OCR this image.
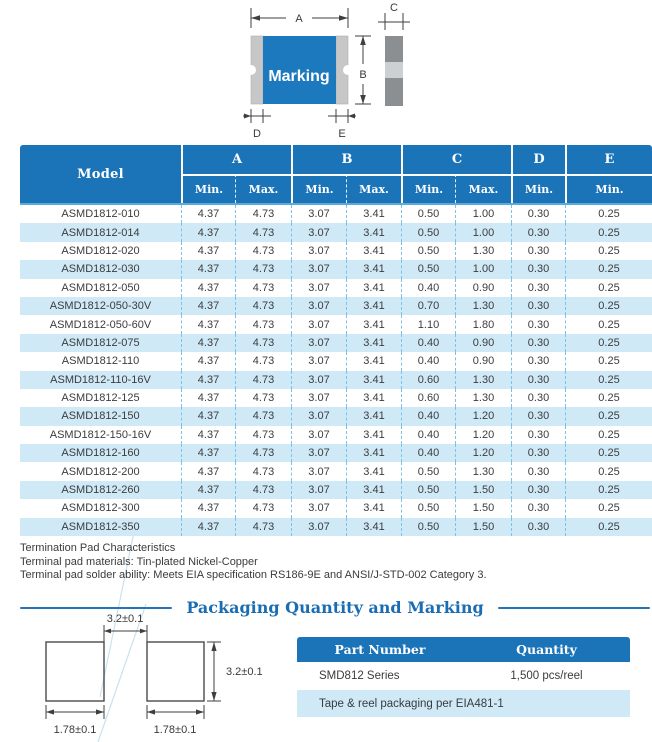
Marking
A
B
C
D	E
Model
A	B	C	D	E
Min.	Max.	Min.	Max.	Min.	Max.	Min.	Min.
ASMD1812-010	4.37	4.73	3.07	3.41	0.50	1.00	0.30	0.25
ASMD1812-014	4.37	4.73	3.07	3.41	0.50	1.00	0.30	0.25
ASMD1812-020	4.37	4.73	3.07	3.41	0.50	1.30	0.30	0.25
ASMD1812-030	4.37	4.73	3.07	3.41	0.50	1.00	0.30	0.25
ASMD1812-050	4.37	4.73	3.07	3.41	0.40	0.90	0.30	0.25
ASMD1812-050-30V	4.37	4.73	3.07	3.41	0.70	1.30	0.30	0.25
ASMD1812-050-60V	4.37	4.73	3.07	3.41	1.10	1.80	0.30	0.25
ASMD1812-075	4.37	4.73	3.07	3.41	0.40	0.90	0.30	0.25
ASMD1812-110	4.37	4.73	3.07	3.41	0.40	0.90	0.30	0.25
ASMD1812-110-16V	4.37	4.73	3.07	3.41	0.60	1.30	0.30	0.25
ASMD1812-125	4.37	4.73	3.07	3.41	0.60	1.30	0.30	0.25
ASMD1812-150	4.37	4.73	3.07	3.41	0.40	1.20	0.30	0.25
ASMD1812-150-16V	4.37	4.73	3.07	3.41	0.40	1.20	0.30	0.25
ASMD1812-160	4.37	4.73	3.07	3.41	0.40	1.20	0.30	0.25
ASMD1812-200	4.37	4.73	3.07	3.41	0.50	1.30	0.30	0.25
ASMD1812-260	4.37	4.73	3.07	3.41	0.50	1.50	0.30	0.25
ASMD1812-300	4.37	4.73	3.07	3.41	0.50	1.50	0.30	0.25
ASMD1812-350	4.37	4.73	3.07	3.41	0.50	1.50	0.30	0.25
Termination Pad Characteristics
Terminal pad materials: Tin-plated Nickel-Copper
Terminal pad solder ability: Meets EIA specification RS186-9E and ANSI/J-STD-002 Category 3.
Packaging Quantity and Marking
3.2±0.1
3.2±0.1
1.78±0.1	1.78±0.1
Part Number	Quantity
SMD812 Series	1,500 pcs/reel
Tape & reel packaging per EIA481-1
